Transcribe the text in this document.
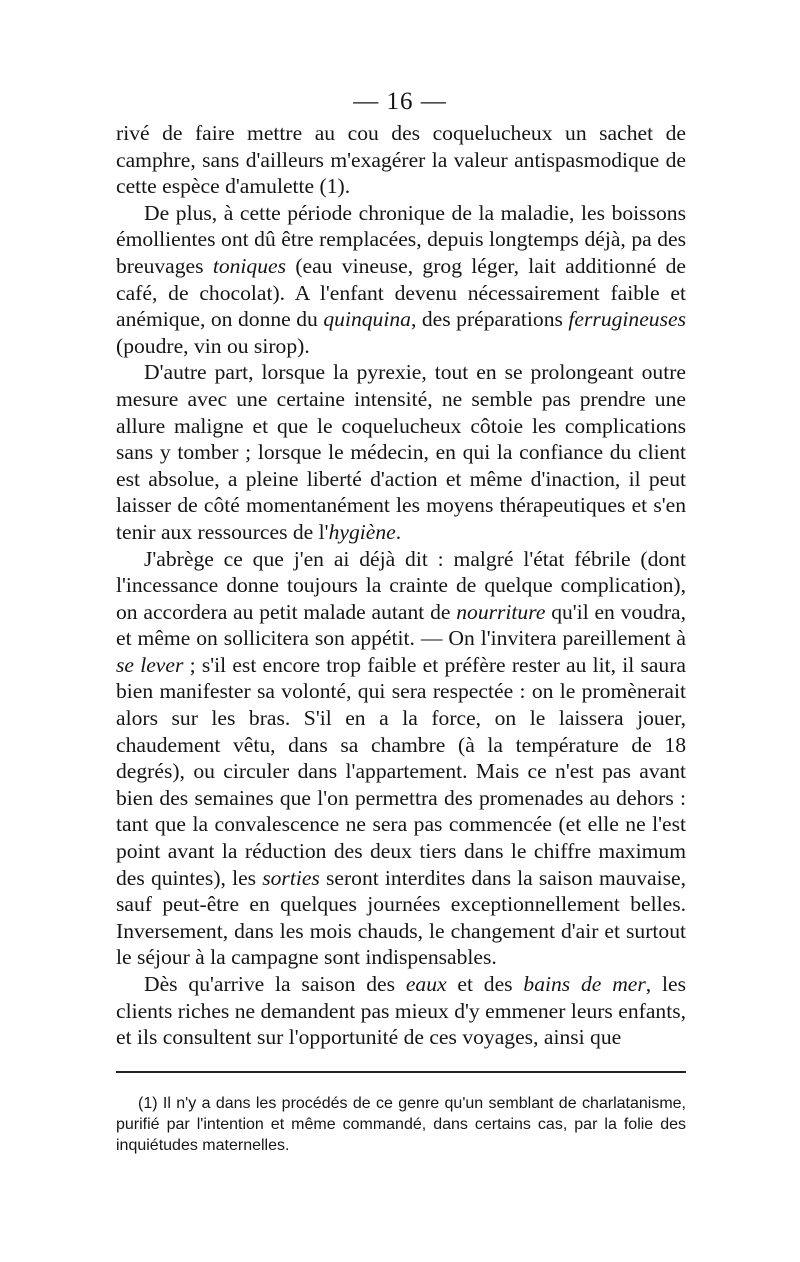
— 16 —

rivé de faire mettre au cou des coquelucheux un sachet de camphre, sans d'ailleurs m'exagérer la valeur antispasmodique de cette espèce d'amulette (1).

De plus, à cette période chronique de la maladie, les boissons émollientes ont dû être remplacées, depuis longtemps déjà, pa des breuvages toniques (eau vineuse, grog léger, lait additionné de café, de chocolat). A l'enfant devenu nécessairement faible et anémique, on donne du quinquina, des préparations ferrugineuses (poudre, vin ou sirop).

D'autre part, lorsque la pyrexie, tout en se prolongeant outre mesure avec une certaine intensité, ne semble pas prendre une allure maligne et que le coquelucheux côtoie les complications sans y tomber ; lorsque le médecin, en qui la confiance du client est absolue, a pleine liberté d'action et même d'inaction, il peut laisser de côté momentanément les moyens thérapeutiques et s'en tenir aux ressources de l'hygiène.

J'abrège ce que j'en ai déjà dit : malgré l'état fébrile (dont l'incessance donne toujours la crainte de quelque complication), on accordera au petit malade autant de nourriture qu'il en voudra, et même on sollicitera son appétit. — On l'invitera pareillement à se lever ; s'il est encore trop faible et préfère rester au lit, il saura bien manifester sa volonté, qui sera respectée : on le promènerait alors sur les bras. S'il en a la force, on le laissera jouer, chaudement vêtu, dans sa chambre (à la température de 18 degrés), ou circuler dans l'appartement. Mais ce n'est pas avant bien des semaines que l'on permettra des promenades au dehors : tant que la convalescence ne sera pas commencée (et elle ne l'est point avant la réduction des deux tiers dans le chiffre maximum des quintes), les sorties seront interdites dans la saison mauvaise, sauf peut-être en quelques journées exceptionnellement belles. Inversement, dans les mois chauds, le changement d'air et surtout le séjour à la campagne sont indispensables.

Dès qu'arrive la saison des eaux et des bains de mer, les clients riches ne demandent pas mieux d'y emmener leurs enfants, et ils consultent sur l'opportunité de ces voyages, ainsi que

(1) Il n'y a dans les procédés de ce genre qu'un semblant de charlatanisme, purifié par l'intention et même commandé, dans certains cas, par la folie des inquiétudes maternelles.
